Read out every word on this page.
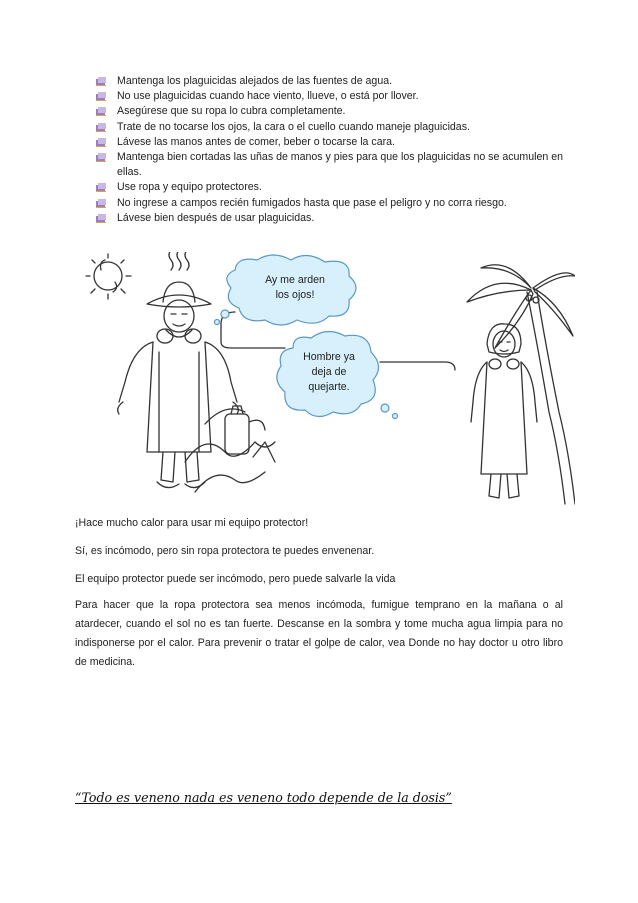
Mantenga los plaguicidas alejados de las fuentes de agua.
No use plaguicidas cuando hace viento, llueve, o está por llover.
Asegúrese que su ropa lo cubra completamente.
Trate de no tocarse los ojos, la cara o el cuello cuando maneje plaguicidas.
Lávese las manos antes de comer, beber o tocarse la cara.
Mantenga bien cortadas las uñas de manos y pies para que los plaguicidas no se acumulen en ellas.
Use ropa y equipo protectores.
No ingrese a campos recién fumigados hasta que pase el peligro y no corra riesgo.
Lávese bien después de usar plaguicidas.
Ay me arden
los ojos!
Hombre ya
deja de
quejarte.

¡Hace mucho calor para usar mi equipo protector!

Sí, es incómodo, pero sin ropa protectora te puedes envenenar.

El equipo protector puede ser incómodo, pero puede salvarle la vida

Para hacer que la ropa protectora sea menos incómoda, fumigue temprano en la mañana o al atardecer, cuando el sol no es tan fuerte. Descanse en la sombra y tome mucha agua limpia para no indisponerse por el calor. Para prevenir o tratar el golpe de calor, vea Donde no hay doctor u otro libro de medicina.

“Todo es veneno nada es veneno todo depende de la dosis”
